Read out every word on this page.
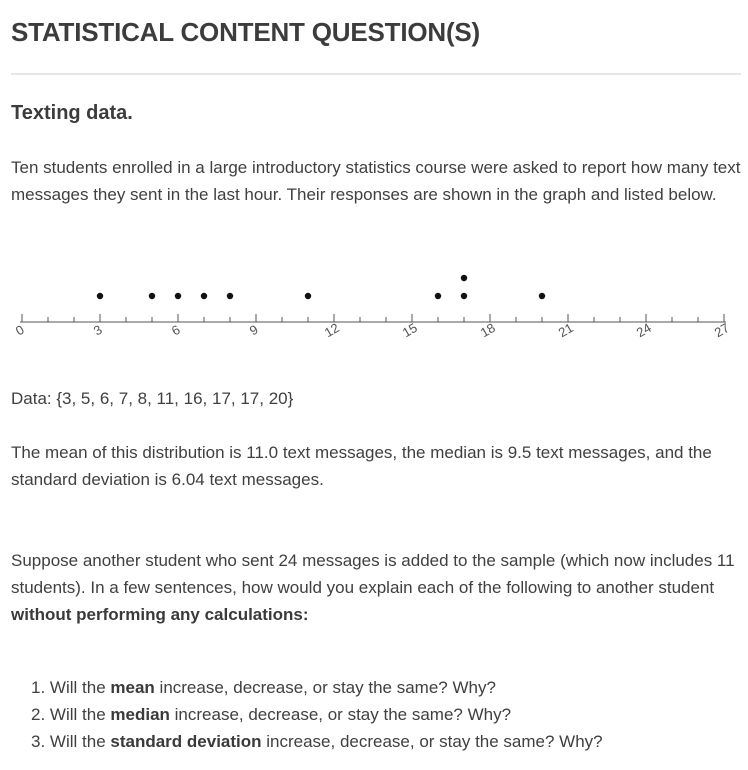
STATISTICAL CONTENT QUESTION(S)
Texting data.

Ten students enrolled in a large introductory statistics course were asked to report how many text messages they sent in the last hour. Their responses are shown in the graph and listed below.

0	3	6	9	12	15	18	21	24	27

Data: {3, 5, 6, 7, 8, 11, 16, 17, 17, 20}

The mean of this distribution is 11.0 text messages, the median is 9.5 text messages, and the standard deviation is 6.04 text messages.

Suppose another student who sent 24 messages is added to the sample (which now includes 11 students). In a few sentences, how would you explain each of the following to another student without performing any calculations:

1. Will the mean increase, decrease, or stay the same? Why?
2. Will the median increase, decrease, or stay the same? Why?
3. Will the standard deviation increase, decrease, or stay the same? Why?
